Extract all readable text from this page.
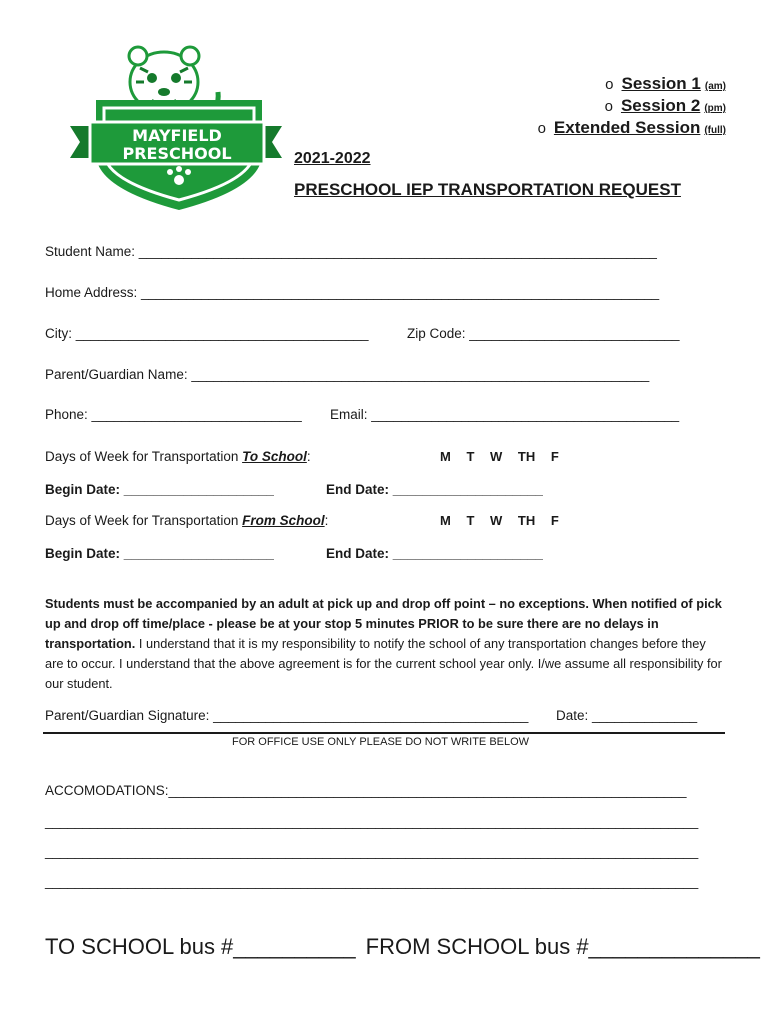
MAYFIELD
PRESCHOOL
o Session 1 (am)
o Session 2 (pm)
o Extended Session (full)
2021-2022
PRESCHOOL IEP TRANSPORTATION REQUEST
Student Name: _____________________________________________________________________
Home Address: _____________________________________________________________________
City: _______________________________________	Zip Code: ____________________________
Parent/Guardian Name: _____________________________________________________________
Phone: ____________________________ Email: _________________________________________
Days of Week for Transportation To School:	M T W TH F
Begin Date: ____________________	End Date: ____________________
Days of Week for Transportation From School:	M T W TH F
Begin Date: ____________________	End Date: ____________________
Students must be accompanied by an adult at pick up and drop off point – no exceptions. When notified of pick up and drop off time/place - please be at your stop 5 minutes PRIOR to be sure there are no delays in transportation. I understand that it is my responsibility to notify the school of any transportation changes before they are to occur. I understand that the above agreement is for the current school year only. I/we assume all responsibility for our student.
Parent/Guardian Signature: __________________________________________ Date: ______________
FOR OFFICE USE ONLY PLEASE DO NOT WRITE BELOW
ACCOMODATIONS:_____________________________________________________________________
_______________________________________________________________________________________
_______________________________________________________________________________________
_______________________________________________________________________________________
TO SCHOOL bus #__________ FROM SCHOOL bus #______________
